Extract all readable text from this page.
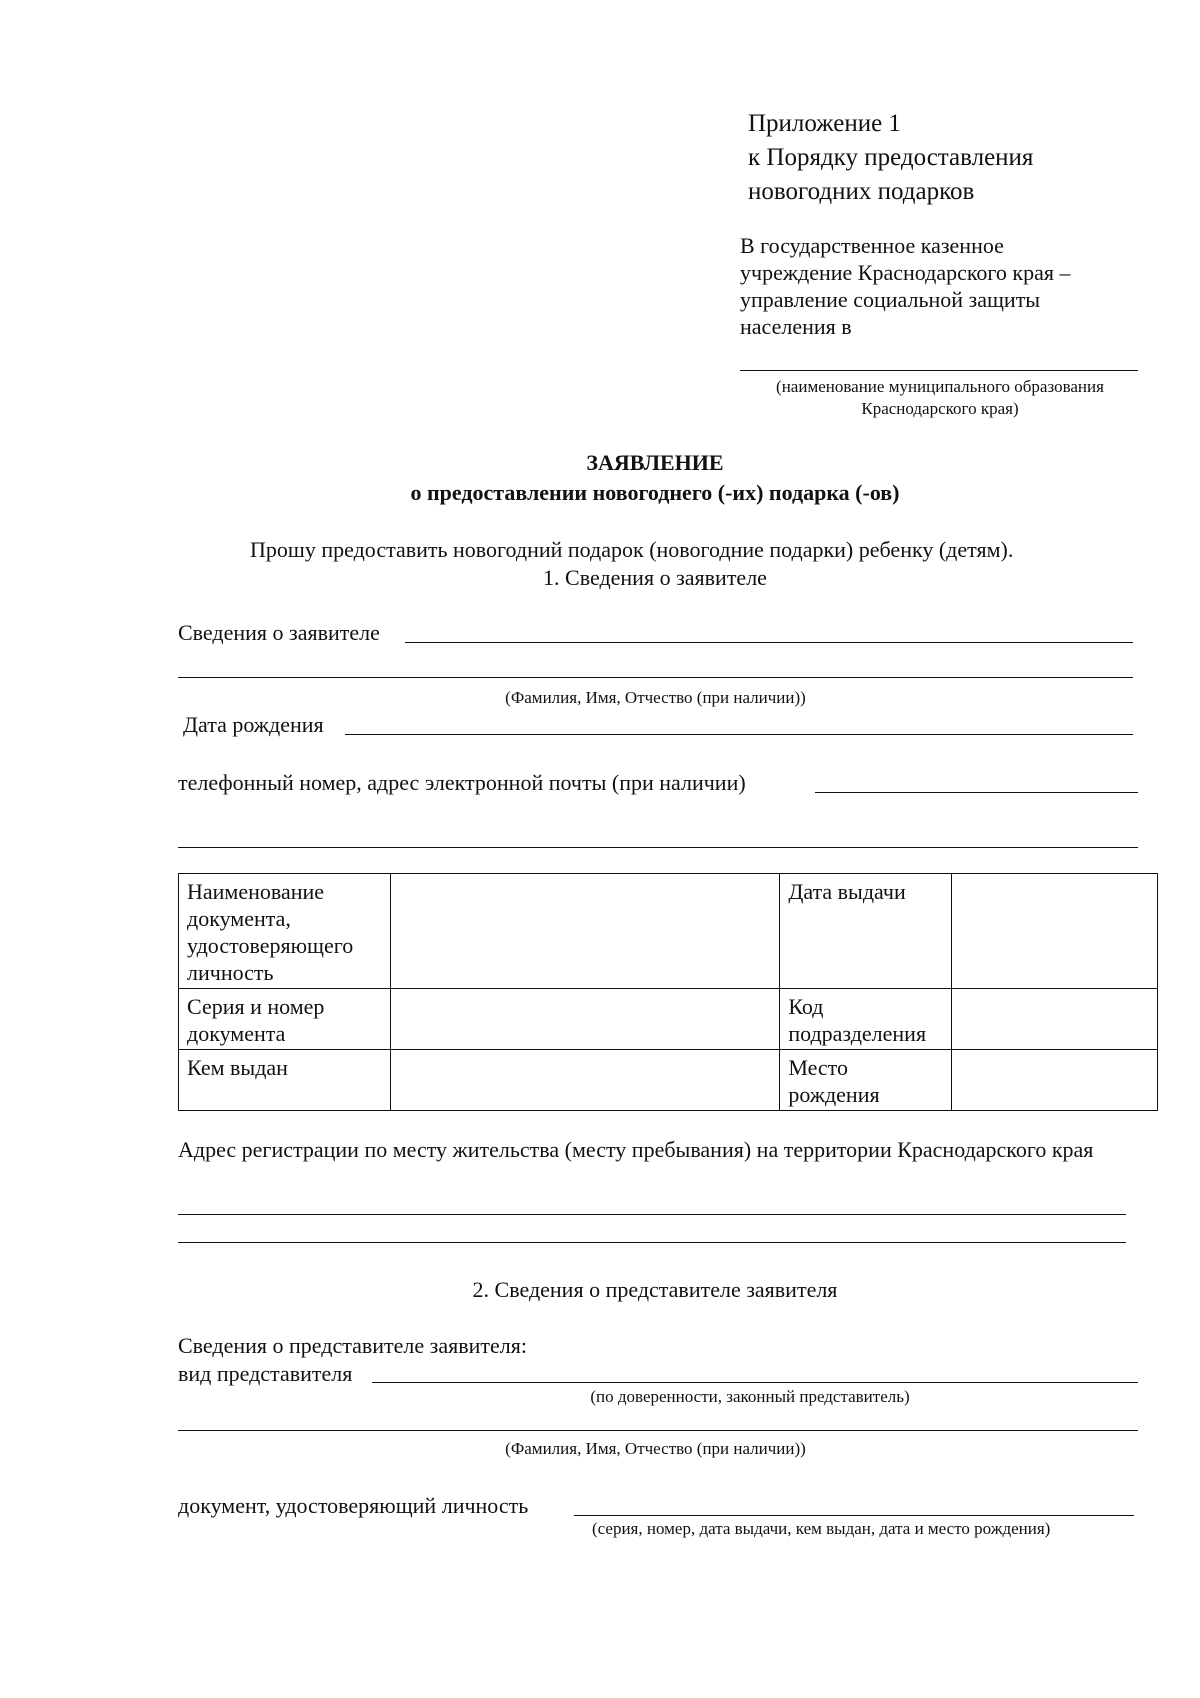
Приложение 1
к Порядку предоставления
новогодних подарков
В государственное казенное
учреждение Краснодарского края –
управление социальной защиты
населения в
(наименование муниципального образования
Краснодарского края)
ЗАЯВЛЕНИЕ
о предоставлении новогоднего (-их) подарка (-ов)
Прошу предоставить новогодний подарок (новогодние подарки) ребенку (детям).
1. Сведения о заявителе
Сведения о заявителе
(Фамилия, Имя, Отчество (при наличии))
Дата рождения
телефонный номер, адрес электронной почты (при наличии)
Наименование документа, удостоверяющего личность		Дата выдачи	
Серия и номер документа		Код подразделения	
Кем выдан		Место рождения	
Адрес регистрации по месту жительства (месту пребывания) на территории Краснодарского края
2. Сведения о представителе заявителя
Сведения о представителе заявителя:
вид представителя
(по доверенности, законный представитель)
(Фамилия, Имя, Отчество (при наличии))
документ, удостоверяющий личность
(серия, номер, дата выдачи, кем выдан, дата и место рождения)
